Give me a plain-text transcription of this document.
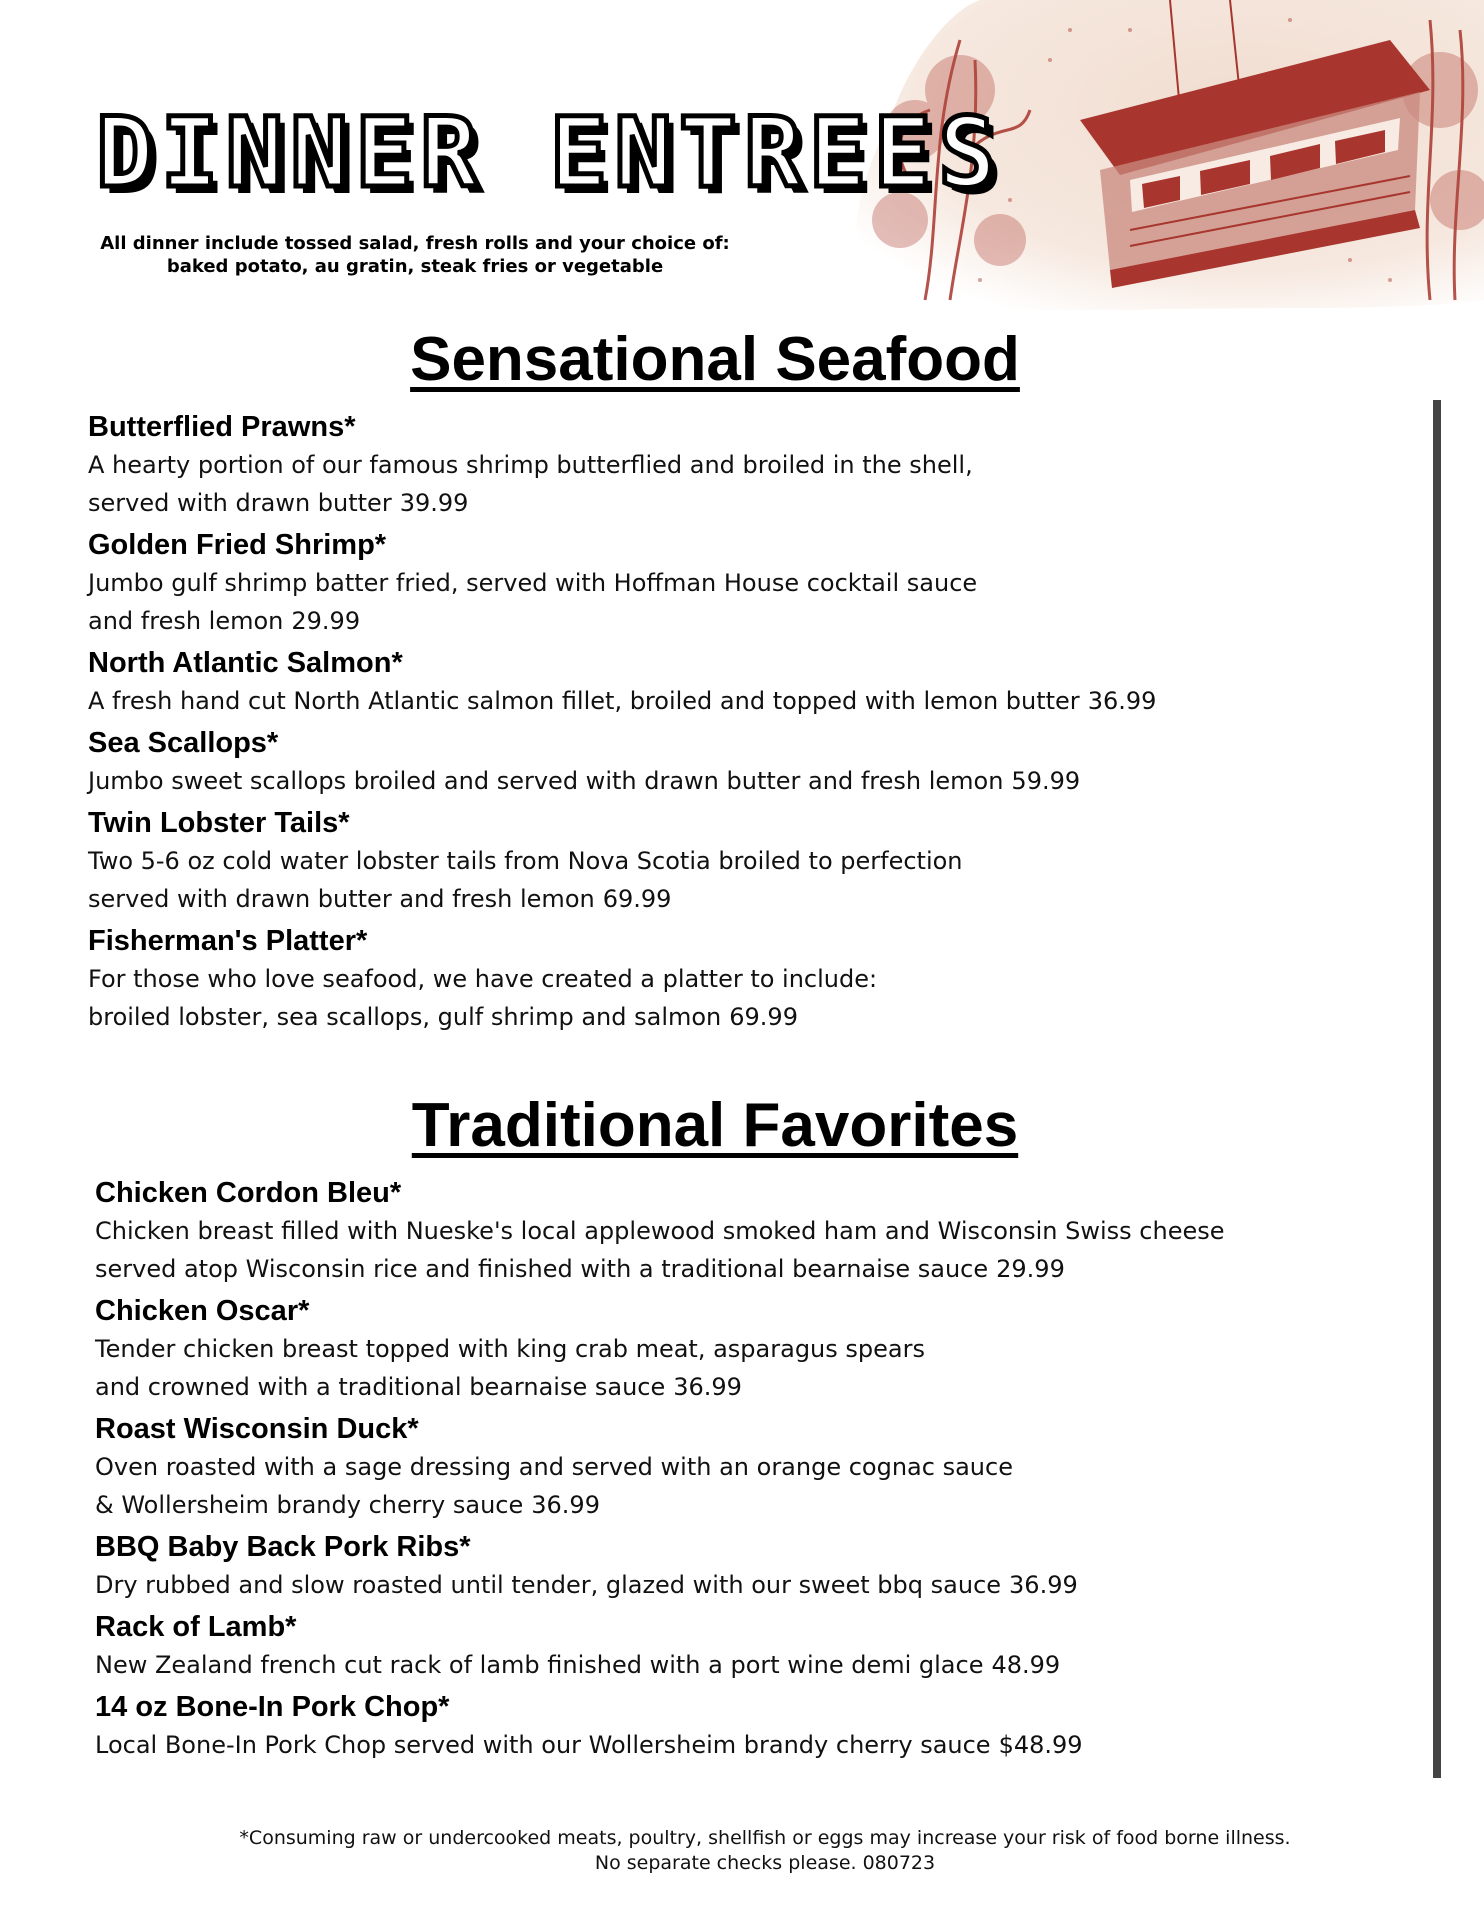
DINNER ENTREES
All dinner include tossed salad, fresh rolls and your choice of:
baked potato, au gratin, steak fries or vegetable
Sensational Seafood
Butterflied Prawns*
A hearty portion of our famous shrimp butterflied and broiled in the shell,
served with drawn butter 39.99
Golden Fried Shrimp*
Jumbo gulf shrimp batter fried, served with Hoffman House cocktail sauce
and fresh lemon 29.99
North Atlantic Salmon*
A fresh hand cut North Atlantic salmon fillet, broiled and topped with lemon butter 36.99
Sea Scallops*
Jumbo sweet scallops broiled and served with drawn butter and fresh lemon 59.99
Twin Lobster Tails*
Two 5-6 oz cold water lobster tails from Nova Scotia broiled to perfection
served with drawn butter and fresh lemon 69.99
Fisherman's Platter*
For those who love seafood, we have created a platter to include:
broiled lobster, sea scallops, gulf shrimp and salmon 69.99
Traditional Favorites
Chicken Cordon Bleu*
Chicken breast filled with Nueske's local applewood smoked ham and Wisconsin Swiss cheese
served atop Wisconsin rice and finished with a traditional bearnaise sauce 29.99
Chicken Oscar*
Tender chicken breast topped with king crab meat, asparagus spears
and crowned with a traditional bearnaise sauce 36.99
Roast Wisconsin Duck*
Oven roasted with a sage dressing and served with an orange cognac sauce
& Wollersheim brandy cherry sauce 36.99
BBQ Baby Back Pork Ribs*
Dry rubbed and slow roasted until tender, glazed with our sweet bbq sauce 36.99
Rack of Lamb*
New Zealand french cut rack of lamb finished with a port wine demi glace 48.99
14 oz Bone-In Pork Chop*
Local Bone-In Pork Chop served with our Wollersheim brandy cherry sauce $48.99
*Consuming raw or undercooked meats, poultry, shellfish or eggs may increase your risk of food borne illness.
No separate checks please. 080723
